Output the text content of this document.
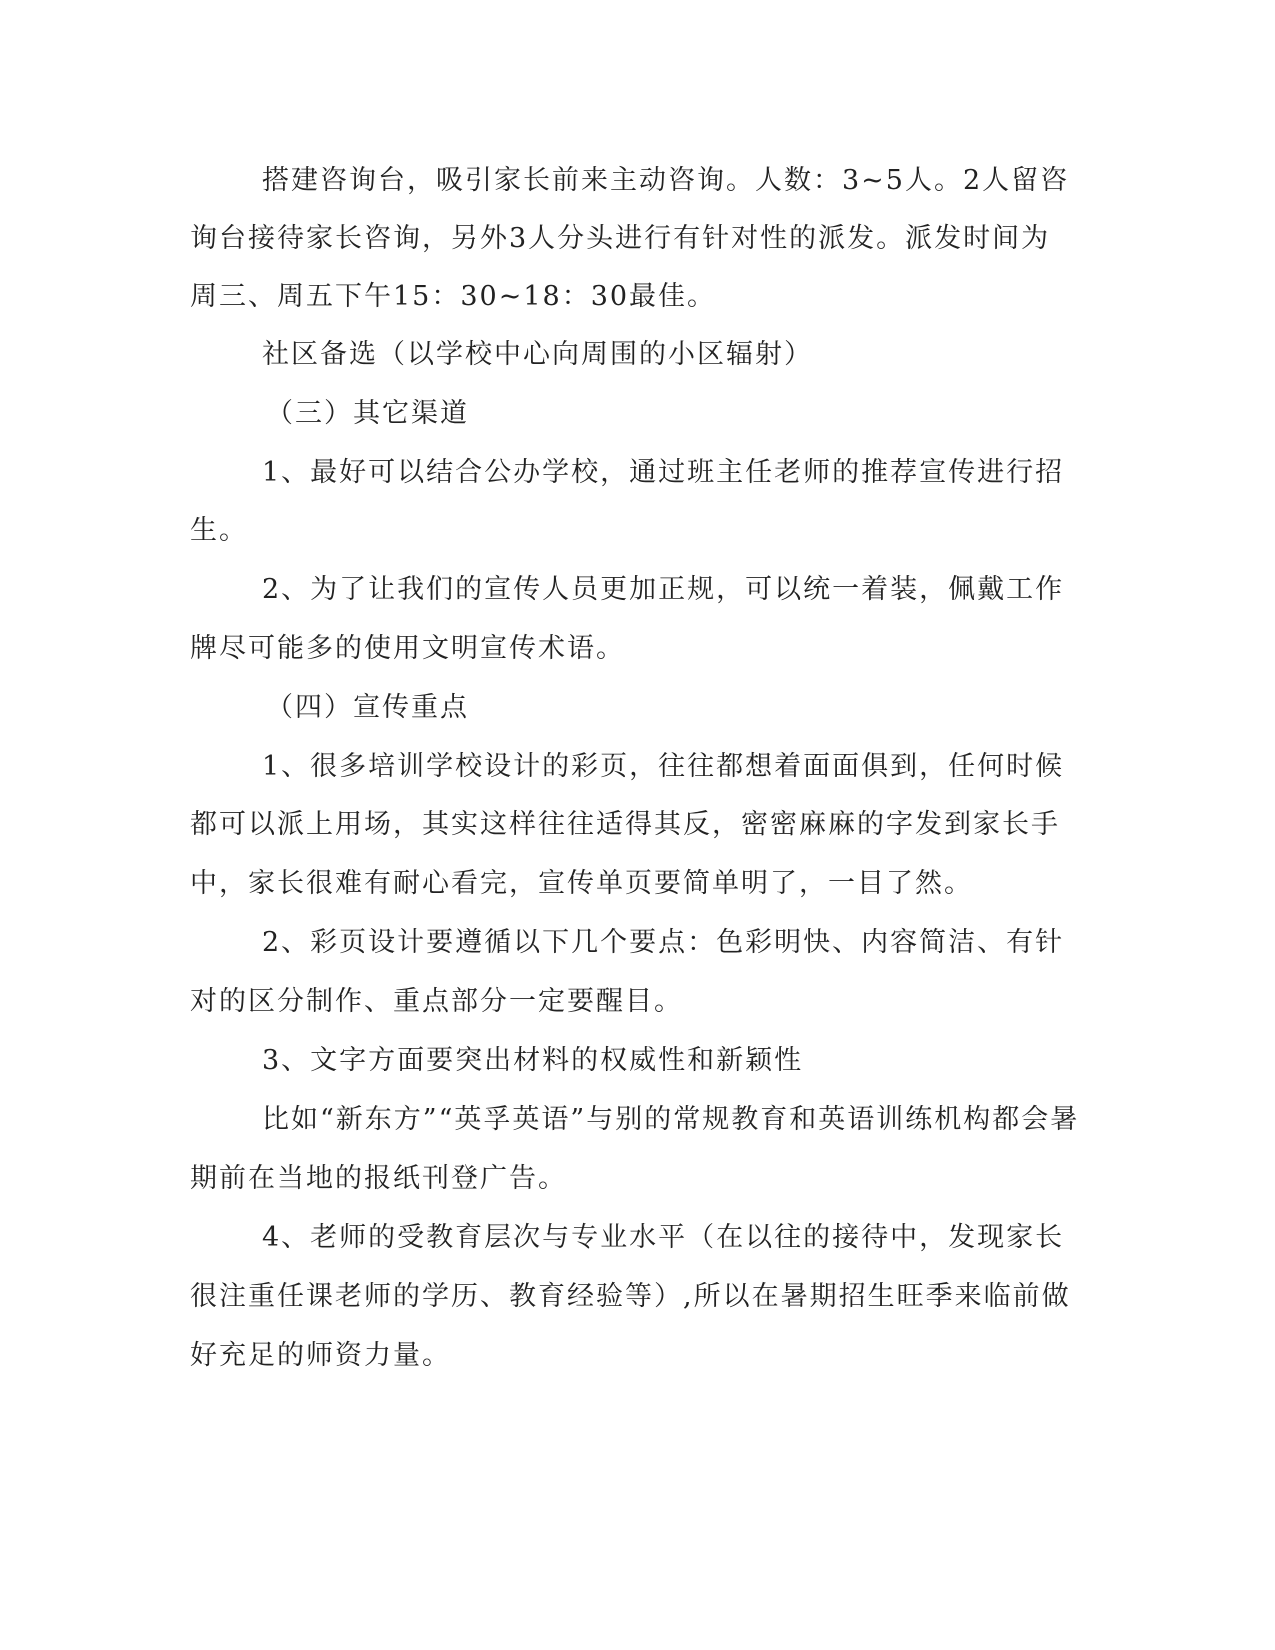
搭建咨询台，吸引家长前来主动咨询。人数：3~5人。2人留咨
询台接待家长咨询，另外3人分头进行有针对性的派发。派发时间为
周三、周五下午15：30~18：30最佳。
社区备选（以学校中心向周围的小区辐射）
（三）其它渠道
1、最好可以结合公办学校，通过班主任老师的推荐宣传进行招
生。
2、为了让我们的宣传人员更加正规，可以统一着装，佩戴工作
牌尽可能多的使用文明宣传术语。
（四）宣传重点
1、很多培训学校设计的彩页，往往都想着面面俱到，任何时候
都可以派上用场，其实这样往往适得其反，密密麻麻的字发到家长手
中，家长很难有耐心看完，宣传单页要简单明了，一目了然。
2、彩页设计要遵循以下几个要点：色彩明快、内容简洁、有针
对的区分制作、重点部分一定要醒目。
3、文字方面要突出材料的权威性和新颖性
比如“新东方”“英孚英语”与别的常规教育和英语训练机构都会暑
期前在当地的报纸刊登广告。
4、老师的受教育层次与专业水平（在以往的接待中，发现家长
很注重任课老师的学历、教育经验等）,所以在暑期招生旺季来临前做
好充足的师资力量。
